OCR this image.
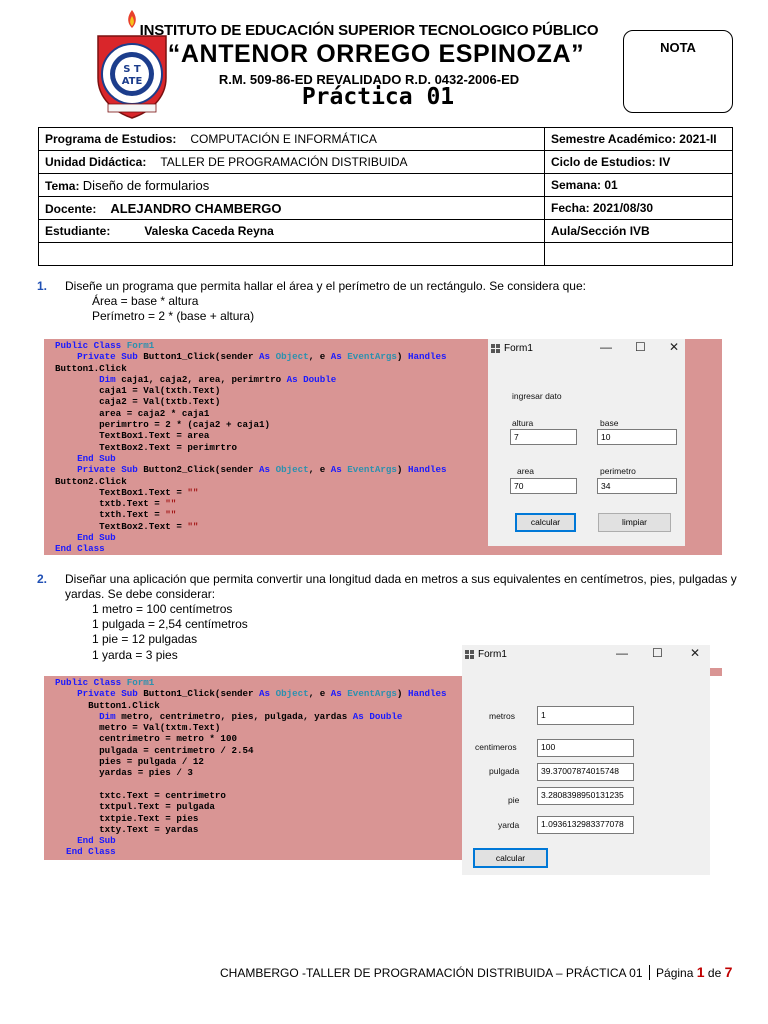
S T
ATE
INSTITUTO DE EDUCACIÓN SUPERIOR TECNOLOGICO PÚBLICO
“ANTENOR ORREGO ESPINOZA”
R.M. 509-86-ED REVALIDADO R.D. 0432-2006-ED
Práctica 01
NOTA
Programa de Estudios: COMPUTACIÓN E INFORMÁTICA	Semestre Académico: 2021-II
Unidad Didáctica: TALLER DE PROGRAMACIÓN DISTRIBUIDA	Ciclo de Estudios: IV
Tema: Diseño de formularios	Semana: 01
Docente: ALEJANDRO CHAMBERGO	Fecha: 2021/08/30
Estudiante: Valeska Caceda Reyna	Aula/Sección IVB

1. Diseñe un programa que permita hallar el área y el perímetro de un rectángulo. Se considera que:
Área = base * altura
Perímetro = 2 * (base + altura)
Public Class Form1
Private Sub Button1_Click(sender As Object, e As EventArgs) Handles
Button1.Click
Dim caja1, caja2, area, perimrtro As Double
caja1 = Val(txth.Text)
caja2 = Val(txtb.Text)
area = caja2 * caja1
perimrtro = 2 * (caja2 + caja1)
TextBox1.Text = area
TextBox2.Text = perimrtro
End Sub
Private Sub Button2_Click(sender As Object, e As EventArgs) Handles
Button2.Click
TextBox1.Text = ""
txtb.Text = ""
txth.Text = ""
TextBox2.Text = ""
End Sub
End Class
Form1	— ☐ ✕
ingresar dato
altura
7
base
10
area
70
perimetro
34
calcular	limpiar
2. Diseñar una aplicación que permita convertir una longitud dada en metros a sus equivalentes en centímetros, pies, pulgadas y
yardas. Se debe considerar:
1 metro = 100 centímetros
1 pulgada = 2,54 centímetros
1 pie = 12 pulgadas
1 yarda = 3 pies
Public Class Form1
Private Sub Button1_Click(sender As Object, e As EventArgs) Handles
Button1.Click
Dim metro, centrimetro, pies, pulgada, yardas As Double
metro = Val(txtm.Text)
centrimetro = metro * 100
pulgada = centrimetro / 2.54
pies = pulgada / 12
yardas = pies / 3

txtc.Text = centrimetro
txtpul.Text = pulgada
txtpie.Text = pies
txty.Text = yardas
End Sub
End Class
Form1	— ☐ ✕
metros	1
centimeros	100
pulgada	39.37007874015748
pie	3.2808398950131235
yarda	1.0936132983377078
calcular
CHAMBERGO -TALLER DE PROGRAMACIÓN DISTRIBUIDA – PRÁCTICA 01 Página 1 de 7
